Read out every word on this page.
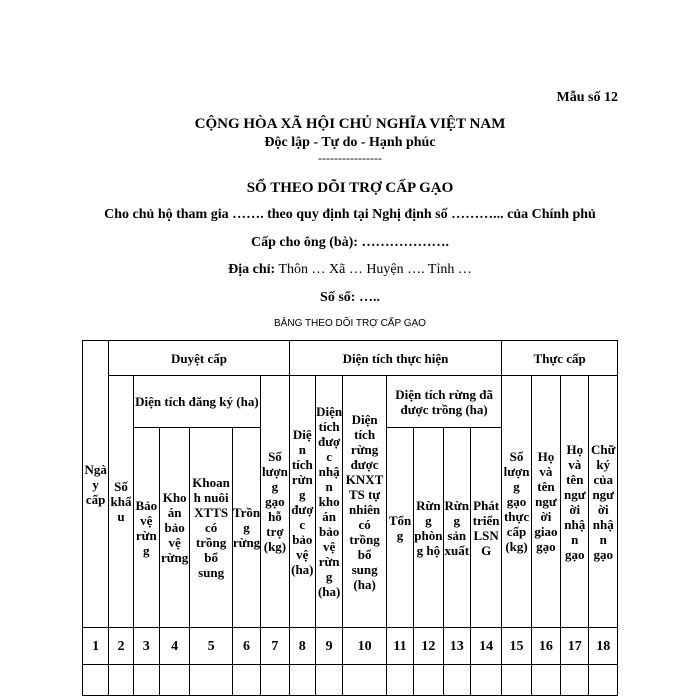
Mẫu số 12
CỘNG HÒA XÃ HỘI CHỦ NGHĨA VIỆT NAM
Độc lập - Tự do - Hạnh phúc
----------------
SỔ THEO DÕI TRỢ CẤP GẠO
Cho chủ hộ tham gia ……. theo quy định tại Nghị định số ………... của Chính phủ
Cấp cho ông (bà): ……………….
Địa chỉ: Thôn … Xã … Huyện …. Tỉnh …
Số sổ: …..
BẢNG THEO DÕI TRỢ CẤP GẠO
Ngày cấp	Duyệt cấp						Diện tích thực hiện							Thực cấp			
	Số khẩu	Diện tích đăng ký (ha)				Số lượng gạo hỗ trợ (kg)	Diện tích rừng được bảo vệ (ha)	Diện tích được nhận khoán bảo vệ rừng (ha)	Diện tích rừng được KNXTTS tự nhiên có trồng bổ sung (ha)	Diện tích rừng đã được trồng (ha)				Số lượng gạo thực cấp (kg)	Họ và tên người giao gạo	Họ và tên người nhận gạo	Chữ ký của người nhận gạo
		Bảo vệ rừng	Khoán bảo vệ rừng	Khoanh nuôi XTTS có trồng bổ sung	Trồng rừng					Tổng	Rừng phòng hộ	Rừng sản xuất	Phát triển LSNG				

1	2	3	4	5	6	7	8	9	10	11	12	13	14	15	16	17	18
